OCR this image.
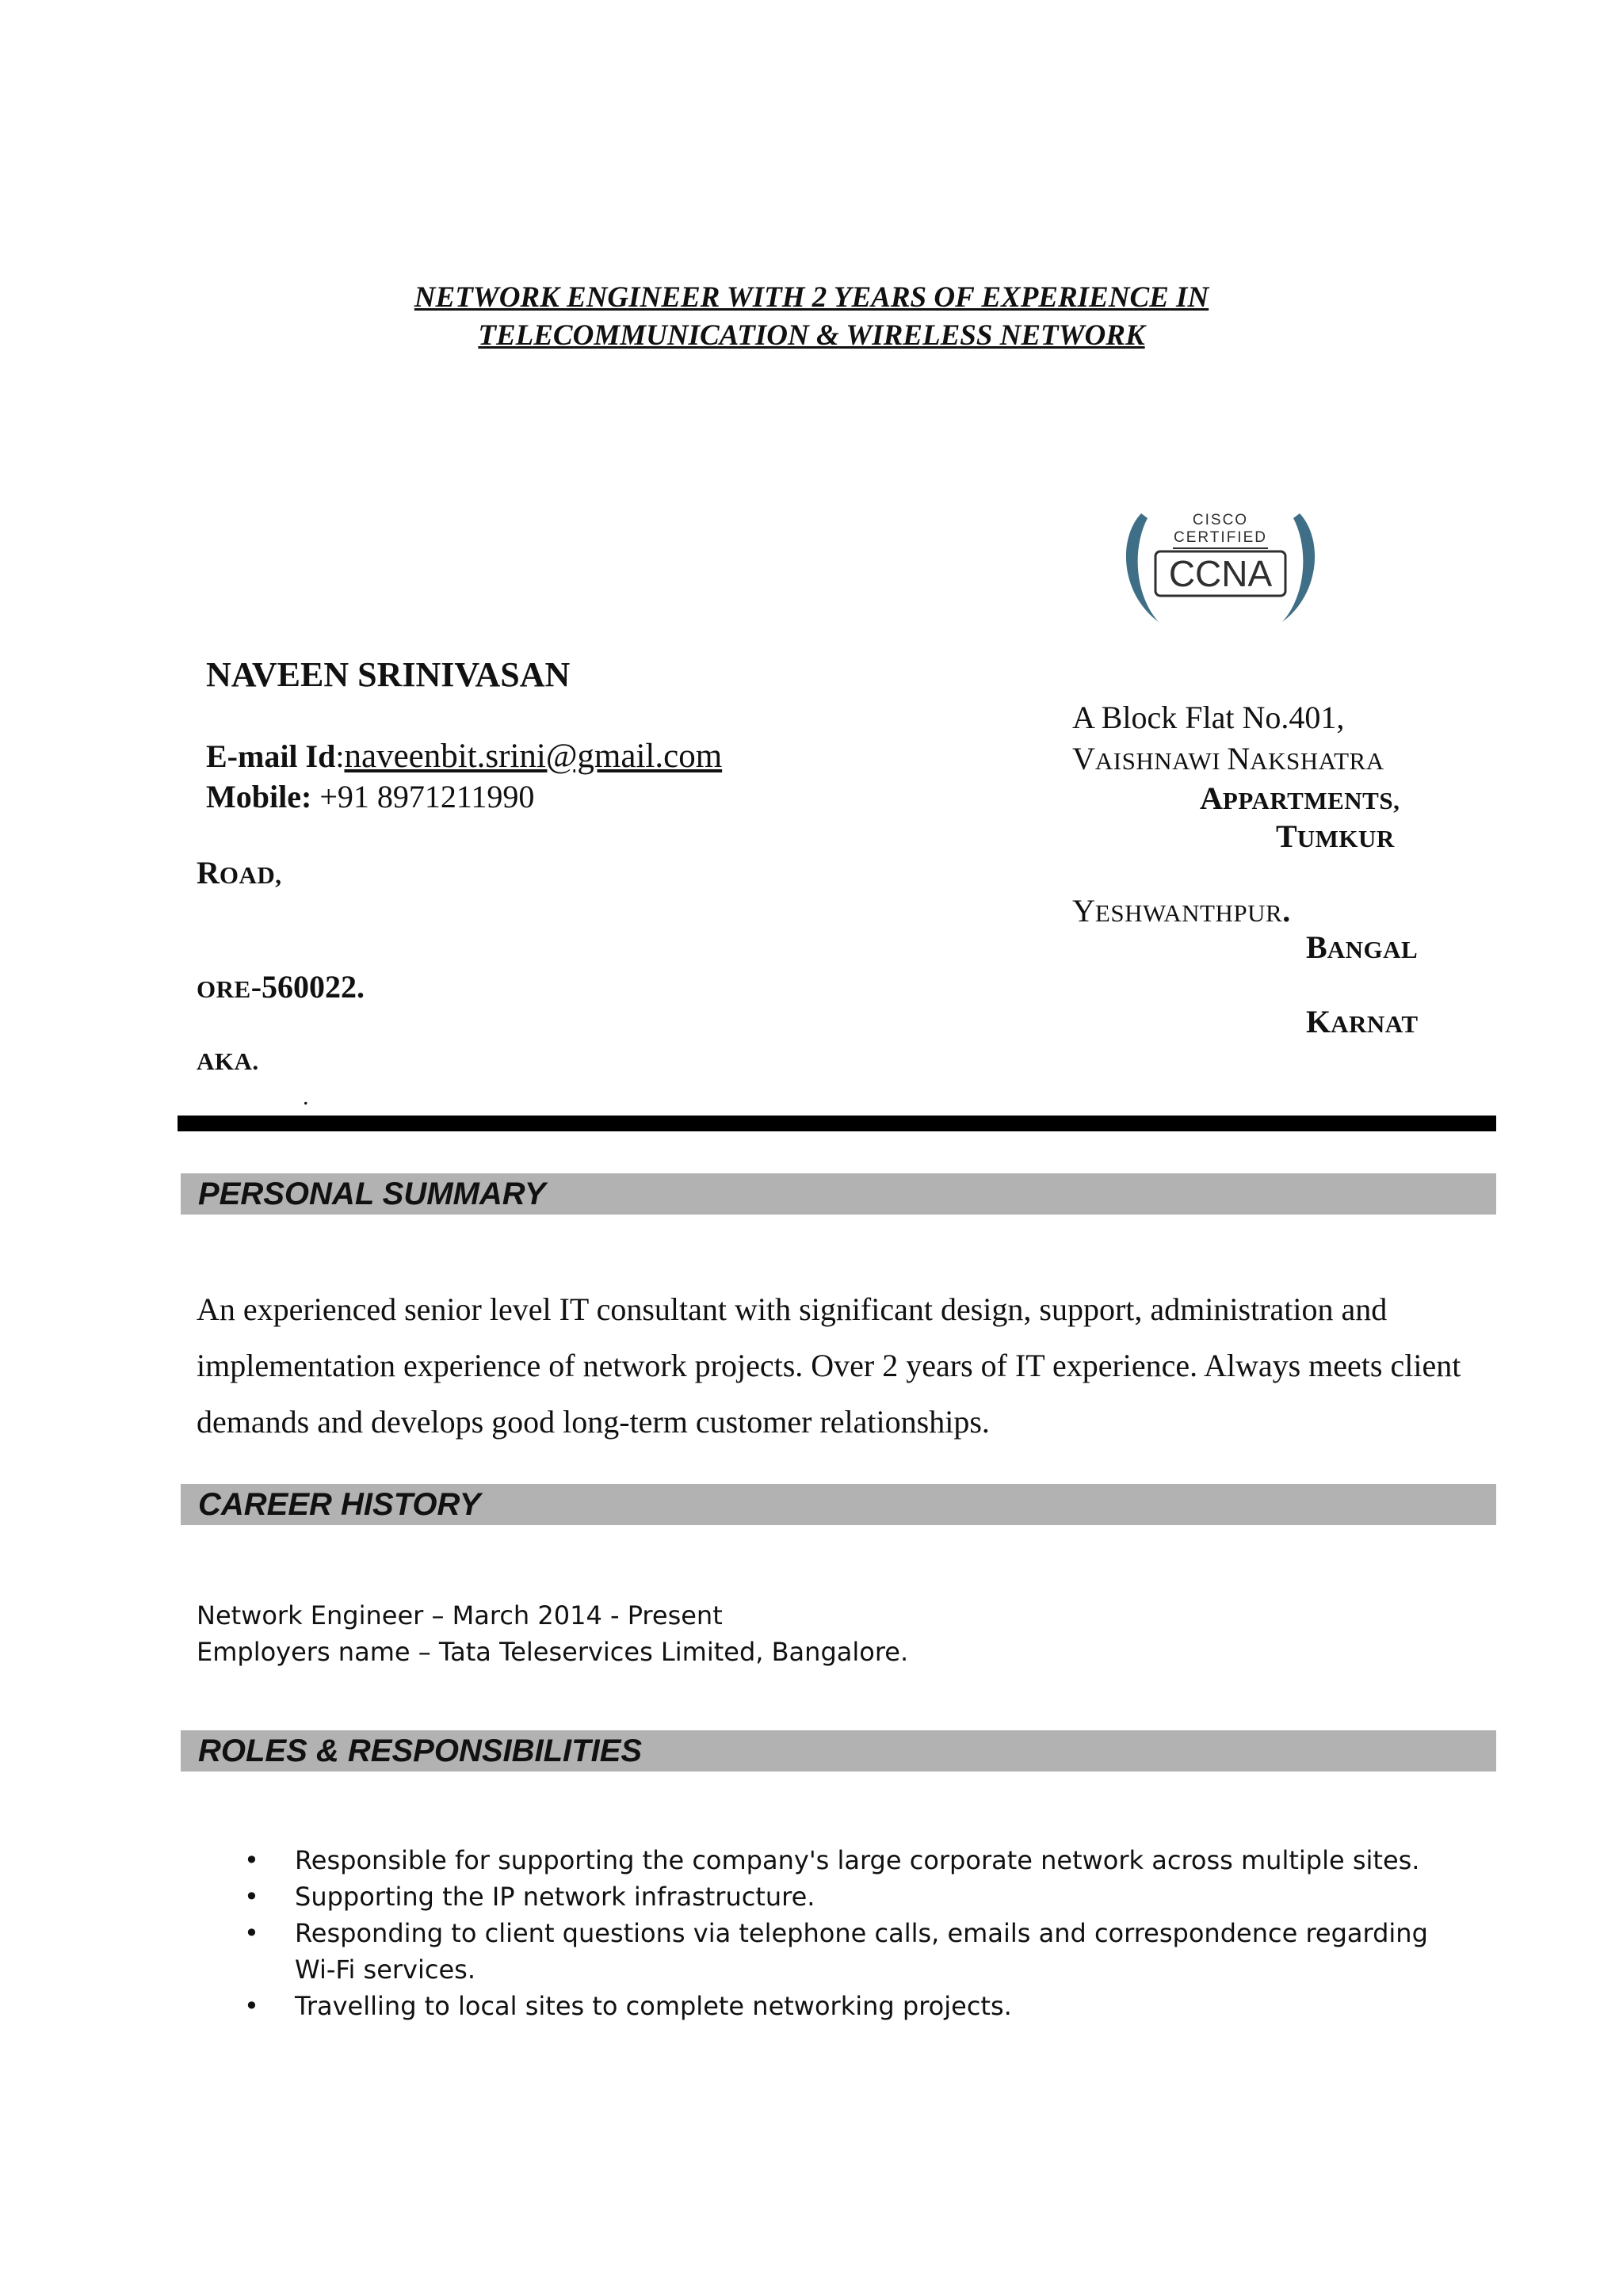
NETWORK ENGINEER WITH 2 YEARS OF EXPERIENCE IN
TELECOMMUNICATION & WIRELESS NETWORK
CISCO
CERTIFIED
CCNA
NAVEEN SRINIVASAN
E-mail Id:naveenbit.srini@gmail.com
Mobile: +91 8971211990
A Block Flat No.401,
VAISHNAWI NAKSHATRA
APPARTMENTS,
TUMKUR
ROAD,
YESHWANTHPUR.
BANGAL
ORE-560022.
KARNAT
AKA.
.
PERSONAL SUMMARY
An experienced senior level IT consultant with significant design, support, administration and implementation experience of network projects. Over 2 years of IT experience. Always meets client demands and develops good long-term customer relationships.
CAREER HISTORY
Network Engineer – March 2014 - Present
Employers name – Tata Teleservices Limited, Bangalore.
ROLES & RESPONSIBILITIES
• Responsible for supporting the company's large corporate network across multiple sites.
• Supporting the IP network infrastructure.
• Responding to client questions via telephone calls, emails and correspondence regarding Wi-Fi services.
• Travelling to local sites to complete networking projects.
